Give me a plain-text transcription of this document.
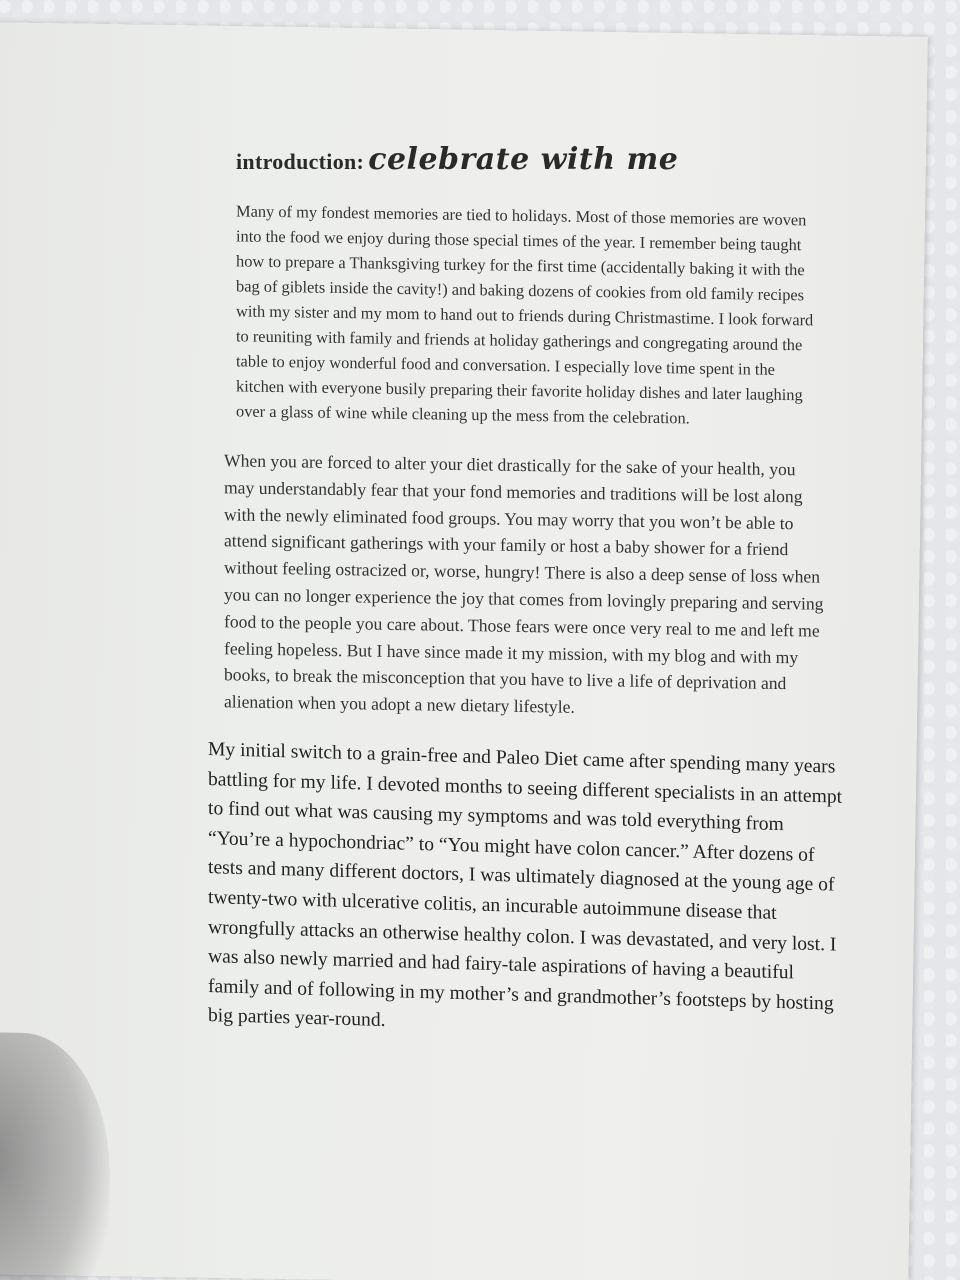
introduction: celebrate with me

Many of my fondest memories are tied to holidays. Most of those memories are woven into the food we enjoy during those special times of the year. I remember being taught how to prepare a Thanksgiving turkey for the first time (accidentally baking it with the bag of giblets inside the cavity!) and baking dozens of cookies from old family recipes with my sister and my mom to hand out to friends during Christmastime. I look forward to reuniting with family and friends at holiday gatherings and congregating around the table to enjoy wonderful food and conversation. I especially love time spent in the kitchen with everyone busily preparing their favorite holiday dishes and later laughing over a glass of wine while cleaning up the mess from the celebration.

When you are forced to alter your diet drastically for the sake of your health, you may understandably fear that your fond memories and traditions will be lost along with the newly eliminated food groups. You may worry that you won’t be able to attend significant gatherings with your family or host a baby shower for a friend without feeling ostracized or, worse, hungry! There is also a deep sense of loss when you can no longer experience the joy that comes from lovingly preparing and serving food to the people you care about. Those fears were once very real to me and left me feeling hopeless. But I have since made it my mission, with my blog and with my books, to break the misconception that you have to live a life of deprivation and alienation when you adopt a new dietary lifestyle.

My initial switch to a grain-free and Paleo Diet came after spending many years battling for my life. I devoted months to seeing different specialists in an attempt to find out what was causing my symptoms and was told everything from “You’re a hypochondriac” to “You might have colon cancer.” After dozens of tests and many different doctors, I was ultimately diagnosed at the young age of twenty-two with ulcerative colitis, an incurable autoimmune disease that wrongfully attacks an otherwise healthy colon. I was devastated, and very lost. I was also newly married and had fairy-tale aspirations of having a beautiful family and of following in my mother’s and grandmother’s footsteps by hosting big parties year-round.
